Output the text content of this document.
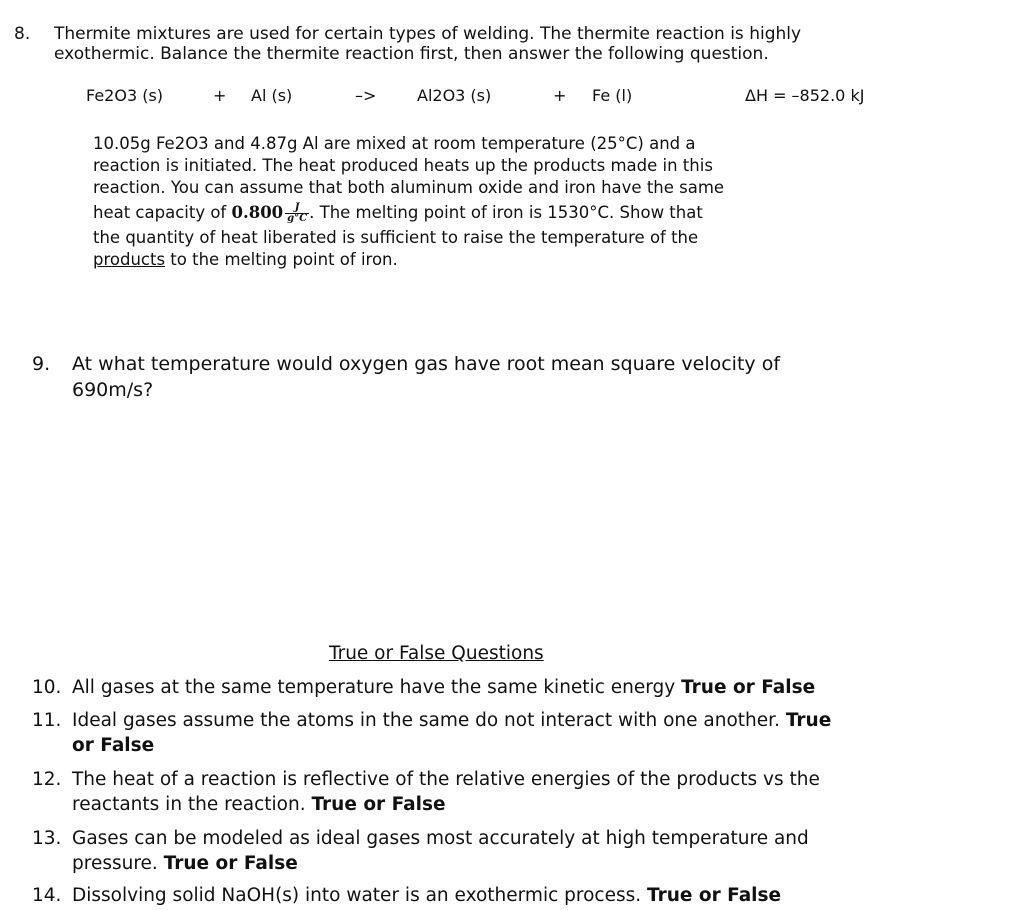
8. Thermite mixtures are used for certain types of welding. The thermite reaction is highly
exothermic. Balance the thermite reaction first, then answer the following question.
Fe2O3 (s)	+ Al (s)	–>	Al2O3 (s)	+ Fe (l)	ΔH = –852.0 kJ
10.05g Fe2O3 and 4.87g Al are mixed at room temperature (25°C) and a
reaction is initiated. The heat produced heats up the products made in this
reaction. You can assume that both aluminum oxide and iron have the same
heat capacity of $0.800 \frac{J}{g^\circ C}$ . The melting point of iron is 1530°C. Show that
the quantity of heat liberated is sufficient to raise the temperature of the
products to the melting point of iron.
9. At what temperature would oxygen gas have root mean square velocity of
690m/s?
True or False Questions
10. All gases at the same temperature have the same kinetic energy True or False
11. Ideal gases assume the atoms in the same do not interact with one another. True
or False
12. The heat of a reaction is reflective of the relative energies of the products vs the
reactants in the reaction. True or False
13. Gases can be modeled as ideal gases most accurately at high temperature and
pressure. True or False
14. Dissolving solid NaOH(s) into water is an exothermic process. True or False
